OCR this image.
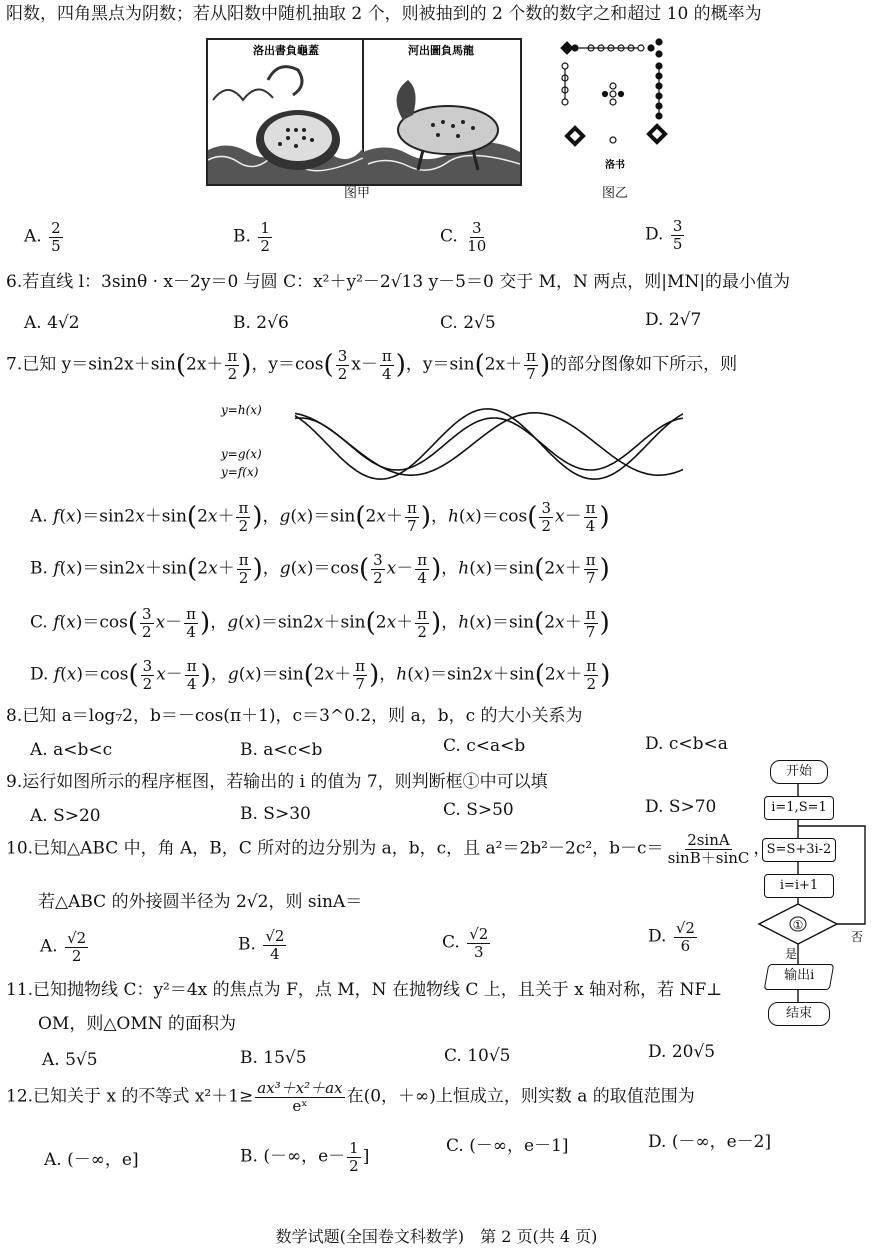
阳数，四角黑点为阴数；若从阳数中随机抽取 2 个，则被抽到的 2 个数的数字之和超过 10 的概率为
洛出書負龜蓋	河出圖負馬龍
图甲
洛书
图乙
A. $\frac{2}{5}$	B. $\frac{1}{2}$	C. $\frac{3}{10}$	D. $\frac{3}{5}$
6.若直线 l：3sinθ · x－2y＝0 与圆 C：x²＋y²－2√13 y－5＝0 交于 M，N 两点，则|MN|的最小值为
A. 4√2	B. 2√6	C. 2√5	D. 2√7
7.已知 $y=\sin 2x+\sin(2x+ \frac{\pi}{2}$ )，$y=\cos( \frac{3}{2} x- \frac{\pi}{4}$ )，$y=\sin(2x+ \frac{\pi}{7}$ )的部分图像如下所示，则
y=h(x)
y=g(x)
y=f(x)
A. $f(x)=\sin 2x+\sin(2x+ \frac{\pi}{2}$ )，$g(x)=\sin(2x+ \frac{\pi}{7}$ )，$h(x)=\cos( \frac{3}{2} x- \frac{\pi}{4}$ )
B. $f(x)=\sin 2x+\sin(2x+ \frac{\pi}{2}$ )，$g(x)=\cos( \frac{3}{2} x- \frac{\pi}{4}$ )，$h(x)=\sin(2x+ \frac{\pi}{7}$ )
C. $f(x)=\cos( \frac{3}{2} x- \frac{\pi}{4}$ )，$g(x)=\sin 2x+\sin(2x+ \frac{\pi}{2}$ )，$h(x)=\sin(2x+ \frac{\pi}{7}$ )
D. $f(x)=\cos( \frac{3}{2} x- \frac{\pi}{4}$ )，$g(x)=\sin(2x+ \frac{\pi}{7}$ )，$h(x)=\sin 2x+\sin(2x+ \frac{\pi}{2}$ )
8.已知 a＝log₇2，b＝－cos(π＋1)，c＝3^0.2，则 a，b，c 的大小关系为
A. a<b<c	B. a<c<b	C. c<a<b	D. c<b<a
9.运行如图所示的程序框图，若输出的 i 的值为 7，则判断框①中可以填
A. S>20	B. S>30	C. S>50	D. S>70
①
是
否
开始
i=1,S=1
S=S+3i-2
i=i+1
输出i
结束
10.已知△ABC 中，角 A，B，C 所对的边分别为 a，b，c，且 a²＝2b²－2c²，$b-c= \frac{2\sin A}{\sin B+\sin C}$ ，
若△ABC 的外接圆半径为 2√2，则 sinA＝
A. $\frac{√2}{2}$	B. $\frac{√2}{4}$	C. $\frac{√2}{3}$	D. $\frac{√2}{6}$
11.已知抛物线 C：y²＝4x 的焦点为 F，点 M，N 在抛物线 C 上，且关于 x 轴对称，若 NF⊥
OM，则△OMN 的面积为
A. 5√5	B. 15√5	C. 10√5	D. 20√5
12.已知关于 x 的不等式 $x^2+1\ge \frac{\text{ax³＋x²＋ax}}{\text{eˣ}}$ 在(0，＋∞)上恒成立，则实数 a 的取值范围为
A. (－∞，e]	B. (－∞，$e- \frac{1}{2}$ ]
C. (－∞，e－1]	D. (－∞，e－2]
数学试题(全国卷文科数学)　第 2 页(共 4 页)
